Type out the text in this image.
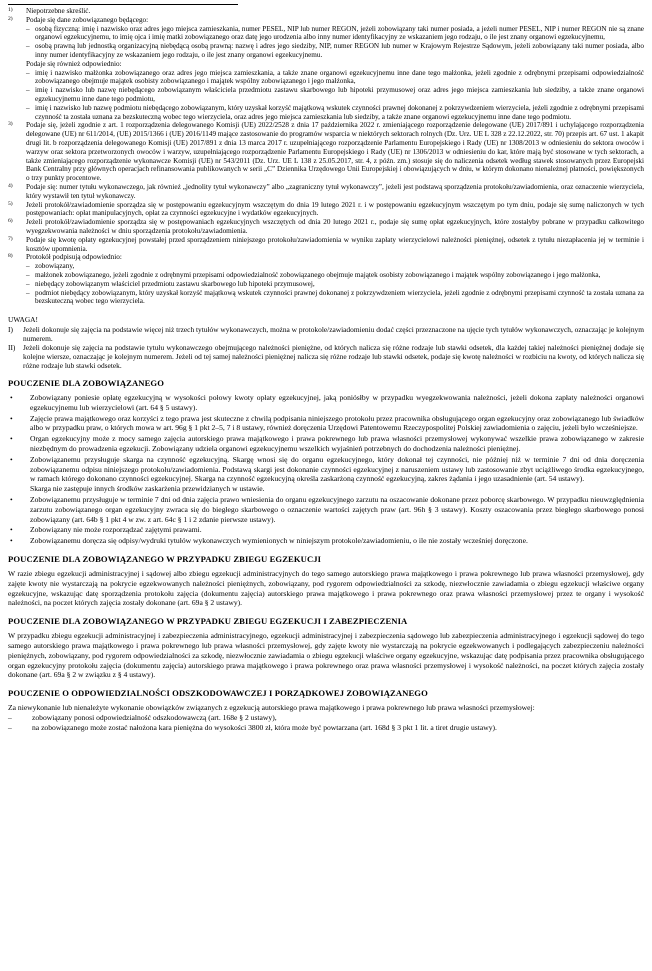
1)	Niepotrzebne skreślić.

2)	Podaje się dane zobowiązanego będącego:

– osobą fizyczną: imię i nazwisko oraz adres jego miejsca zamieszkania, numer PESEL, NIP lub numer REGON, jeżeli zobowiązany taki numer posiada, a jeżeli numer PESEL, NIP i numer REGON nie są znane organowi egzekucyjnemu, to imię ojca i imię matki zobowiązanego oraz datę jego urodzenia albo inny numer identyfikacyjny ze wskazaniem jego rodzaju, o ile jest znany organowi egzekucyjnemu,
– osobą prawną lub jednostką organizacyjną niebędącą osobą prawną: nazwę i adres jego siedziby, NIP, numer REGON lub numer w Krajowym Rejestrze Sądowym, jeżeli zobowiązany taki numer posiada, albo inny numer identyfikacyjny ze wskazaniem jego rodzaju, o ile jest znany organowi egzekucyjnemu.

Podaje się również odpowiednio:

– imię i nazwisko małżonka zobowiązanego oraz adres jego miejsca zamieszkania, a także znane organowi egzekucyjnemu inne dane tego małżonka, jeżeli zgodnie z odrębnymi przepisami odpowiedzialność zobowiązanego obejmuje majątek osobisty zobowiązanego i majątek wspólny zobowiązanego i jego małżonka,
– imię i nazwisko lub nazwę niebędącego zobowiązanym właściciela przedmiotu zastawu skarbowego lub hipoteki przymusowej oraz adres jego miejsca zamieszkania lub siedziby, a także znane organowi egzekucyjnemu inne dane tego podmiotu,
– imię i nazwisko lub nazwę podmiotu niebędącego zobowiązanym, który uzyskał korzyść majątkową wskutek czynności prawnej dokonanej z pokrzywdzeniem wierzyciela, jeżeli zgodnie z odrębnymi przepisami czynność ta została uznana za bezskuteczną wobec tego wierzyciela, oraz adres jego miejsca zamieszkania lub siedziby, a także znane organowi egzekucyjnemu inne dane tego podmiotu.
3)	Podaje się, jeżeli zgodnie z art. 1 rozporządzenia delegowanego Komisji (UE) 2022/2528 z dnia 17 października 2022 r. zmieniającego rozporządzenie delegowane (UE) 2017/891 i uchylającego rozporządzenia delegowane (UE) nr 611/2014, (UE) 2015/1366 i (UE) 2016/1149 mające zastosowanie do programów wsparcia w niektórych sektorach rolnych (Dz. Urz. UE L 328 z 22.12.2022, str. 70) przepis art. 67 ust. 1 akapit drugi lit. b rozporządzenia delegowanego Komisji (UE) 2017/891 z dnia 13 marca 2017 r. uzupełniającego rozporządzenie Parlamentu Europejskiego i Rady (UE) nr 1308/2013 w odniesieniu do sektora owoców i warzyw oraz sektora przetworzonych owoców i warzyw, uzupełniającego rozporządzenie Parlamentu Europejskiego i Rady (UE) nr 1306/2013 w odniesieniu do kar, które mają być stosowane w tych sektorach, a także zmieniającego rozporządzenie wykonawcze Komisji (UE) nr 543/2011 (Dz. Urz. UE L 138 z 25.05.2017, str. 4, z późn. zm.) stosuje się do naliczenia odsetek według stawek stosowanych przez Europejski Bank Centralny przy głównych operacjach refinansowania publikowanych w serii „C” Dziennika Urzędowego Unii Europejskiej i obowiązujących w dniu, w którym dokonano nienależnej płatności, powiększonych o trzy punkty procentowe.

4)	Podaje się: numer tytułu wykonawczego, jak również „jednolity tytuł wykonawczy” albo „zagraniczny tytuł wykonawczy”, jeżeli jest podstawą sporządzenia protokołu/zawiadomienia, oraz oznaczenie wierzyciela, który wystawił ten tytuł wykonawczy.

5)	Jeżeli protokół/zawiadomienie sporządza się w postępowaniu egzekucyjnym wszczętym do dnia 19 lutego 2021 r. i w postępowaniu egzekucyjnym wszczętym po tym dniu, podaje się sumę naliczonych w tych postępowaniach: opłat manipulacyjnych, opłat za czynności egzekucyjne i wydatków egzekucyjnych.

6)	Jeżeli protokół/zawiadomienie sporządza się w postępowaniach egzekucyjnych wszczętych od dnia 20 lutego 2021 r., podaje się sumę opłat egzekucyjnych, które zostałyby pobrane w przypadku całkowitego wyegzekwowania należności w dniu sporządzenia protokołu/zawiadomienia.

7)	Podaje się kwotę opłaty egzekucyjnej powstałej przed sporządzeniem niniejszego protokołu/zawiadomienia w wyniku zapłaty wierzycielowi należności pieniężnej, odsetek z tytułu niezapłacenia jej w terminie i kosztów upomnienia.

8)	Protokół podpisują odpowiednio:

– zobowiązany,
– małżonek zobowiązanego, jeżeli zgodnie z odrębnymi przepisami odpowiedzialność zobowiązanego obejmuje majątek osobisty zobowiązanego i majątek wspólny zobowiązanego i jego małżonka,
– niebędący zobowiązanym właściciel przedmiotu zastawu skarbowego lub hipoteki przymusowej,
– podmiot niebędący zobowiązanym, który uzyskał korzyść majątkową wskutek czynności prawnej dokonanej z pokrzywdzeniem wierzyciela, jeżeli zgodnie z odrębnymi przepisami czynność ta została uznana za bezskuteczną wobec tego wierzyciela.
UWAGA!
I)	Jeżeli dokonuje się zajęcia na podstawie więcej niż trzech tytułów wykonawczych, można w protokole/zawiadomieniu dodać części przeznaczone na ujęcie tych tytułów wykonawczych, oznaczając je kolejnym numerem.
II)	Jeżeli dokonuje się zajęcia na podstawie tytułu wykonawczego obejmującego należności pieniężne, od których nalicza się różne rodzaje lub stawki odsetek, dla każdej takiej należności pieniężnej dodaje się kolejne wiersze, oznaczając je kolejnym numerem. Jeżeli od tej samej należności pieniężnej nalicza się różne rodzaje lub stawki odsetek, podaje się kwotę należności w rozbiciu na kwoty, od których nalicza się różne rodzaje lub stawki odsetek.
POUCZENIE DLA ZOBOWIĄZANEGO
•	Zobowiązany poniesie opłatę egzekucyjną w wysokości połowy kwoty opłaty egzekucyjnej, jaką poniósłby w przypadku wyegzekwowania należności, jeżeli dokona zapłaty należności organowi egzekucyjnemu lub wierzycielowi (art. 64 § 5 ustawy).

•	Zajęcie prawa majątkowego oraz korzyści z tego prawa jest skuteczne z chwilą podpisania niniejszego protokołu przez pracownika obsługującego organ egzekucyjny oraz zobowiązanego lub świadków albo w przypadku praw, o których mowa w art. 96g § 1 pkt 2–5, 7 i 8 ustawy, również doręczenia Urzędowi Patentowemu Rzeczypospolitej Polskiej zawiadomienia o zajęciu, jeżeli było wcześniejsze.

•	Organ egzekucyjny może z mocy samego zajęcia autorskiego prawa majątkowego i prawa pokrewnego lub prawa własności przemysłowej wykonywać wszelkie prawa zobowiązanego w zakresie niezbędnym do prowadzenia egzekucji. Zobowiązany udziela organowi egzekucyjnemu wszelkich wyjaśnień potrzebnych do dochodzenia należności pieniężnej.

•	Zobowiązanemu przysługuje skarga na czynność egzekucyjną. Skargę wnosi się do organu egzekucyjnego, który dokonał tej czynności, nie później niż w terminie 7 dni od dnia doręczenia zobowiązanemu odpisu niniejszego protokołu/zawiadomienia. Podstawą skargi jest dokonanie czynności egzekucyjnej z naruszeniem ustawy lub zastosowanie zbyt uciążliwego środka egzekucyjnego, w ramach którego dokonano czynności egzekucyjnej. Skarga na czynność egzekucyjną określa zaskarżoną czynność egzekucyjną, zakres żądania i jego uzasadnienie (art. 54 ustawy).

Skarga nie zastępuje innych środków zaskarżenia przewidzianych w ustawie.

•	Zobowiązanemu przysługuje w terminie 7 dni od dnia zajęcia prawo wniesienia do organu egzekucyjnego zarzutu na oszacowanie dokonane przez poborcę skarbowego. W przypadku nieuwzględnienia zarzutu zobowiązanego organ egzekucyjny zwraca się do biegłego skarbowego o oznaczenie wartości zajętych praw (art. 96h § 3 ustawy). Koszty oszacowania przez biegłego skarbowego ponosi zobowiązany (art. 64b § 1 pkt 4 w zw. z art. 64c § 1 i 2 zdanie pierwsze ustawy).

•	Zobowiązany nie może rozporządzać zajętymi prawami.

•	Zobowiązanemu doręcza się odpisy/wydruki tytułów wykonawczych wymienionych w niniejszym protokole/zawiadomieniu, o ile nie zostały wcześniej doręczone.

POUCZENIE DLA ZOBOWIĄZANEGO W PRZYPADKU ZBIEGU EGZEKUCJI

W razie zbiegu egzekucji administracyjnej i sądowej albo zbiegu egzekucji administracyjnych do tego samego autorskiego prawa majątkowego i prawa pokrewnego lub prawa własności przemysłowej, gdy zajęte kwoty nie wystarczają na pokrycie egzekwowanych należności pieniężnych, zobowiązany, pod rygorem odpowiedzialności za szkodę, niezwłocznie zawiadamia o zbiegu egzekucji właściwe organy egzekucyjne, wskazując datę sporządzenia protokołu zajęcia (dokumentu zajęcia) autorskiego prawa majątkowego i prawa pokrewnego oraz prawa własności przemysłowej przez te organy i wysokość należności, na poczet których zajęcia zostały dokonane (art. 69a § 2 ustawy).

POUCZENIE DLA ZOBOWIĄZANEGO W PRZYPADKU ZBIEGU EGZEKUCJI I ZABEZPIECZENIA

W przypadku zbiegu egzekucji administracyjnej i zabezpieczenia administracyjnego, egzekucji administracyjnej i zabezpieczenia sądowego lub zabezpieczenia administracyjnego i egzekucji sądowej do tego samego autorskiego prawa majątkowego i prawa pokrewnego lub prawa własności przemysłowej, gdy zajęte kwoty nie wystarczają na pokrycie egzekwowanych i podlegających zabezpieczeniu należności pieniężnych, zobowiązany, pod rygorem odpowiedzialności za szkodę, niezwłocznie zawiadamia o zbiegu egzekucji właściwe organy egzekucyjne, wskazując datę podpisania przez pracownika obsługującego organ egzekucyjny protokołu zajęcia (dokumentu zajęcia) autorskiego prawa majątkowego i prawa pokrewnego oraz prawa własności przemysłowej i wysokość należności, na poczet których zajęcia zostały dokonane (art. 69a § 2 w związku z § 4 ustawy).

POUCZENIE O ODPOWIEDZIALNOŚCI ODSZKODOWAWCZEJ I PORZĄDKOWEJ ZOBOWIĄZANEGO

Za niewykonanie lub nienależyte wykonanie obowiązków związanych z egzekucją autorskiego prawa majątkowego i prawa pokrewnego lub prawa własności przemysłowej:

–	zobowiązany ponosi odpowiedzialność odszkodowawczą (art. 168e § 2 ustawy),
–	na zobowiązanego może zostać nałożona kara pieniężna do wysokości 3800 zł, która może być powtarzana (art. 168d § 3 pkt 1 lit. a tiret drugie ustawy).
